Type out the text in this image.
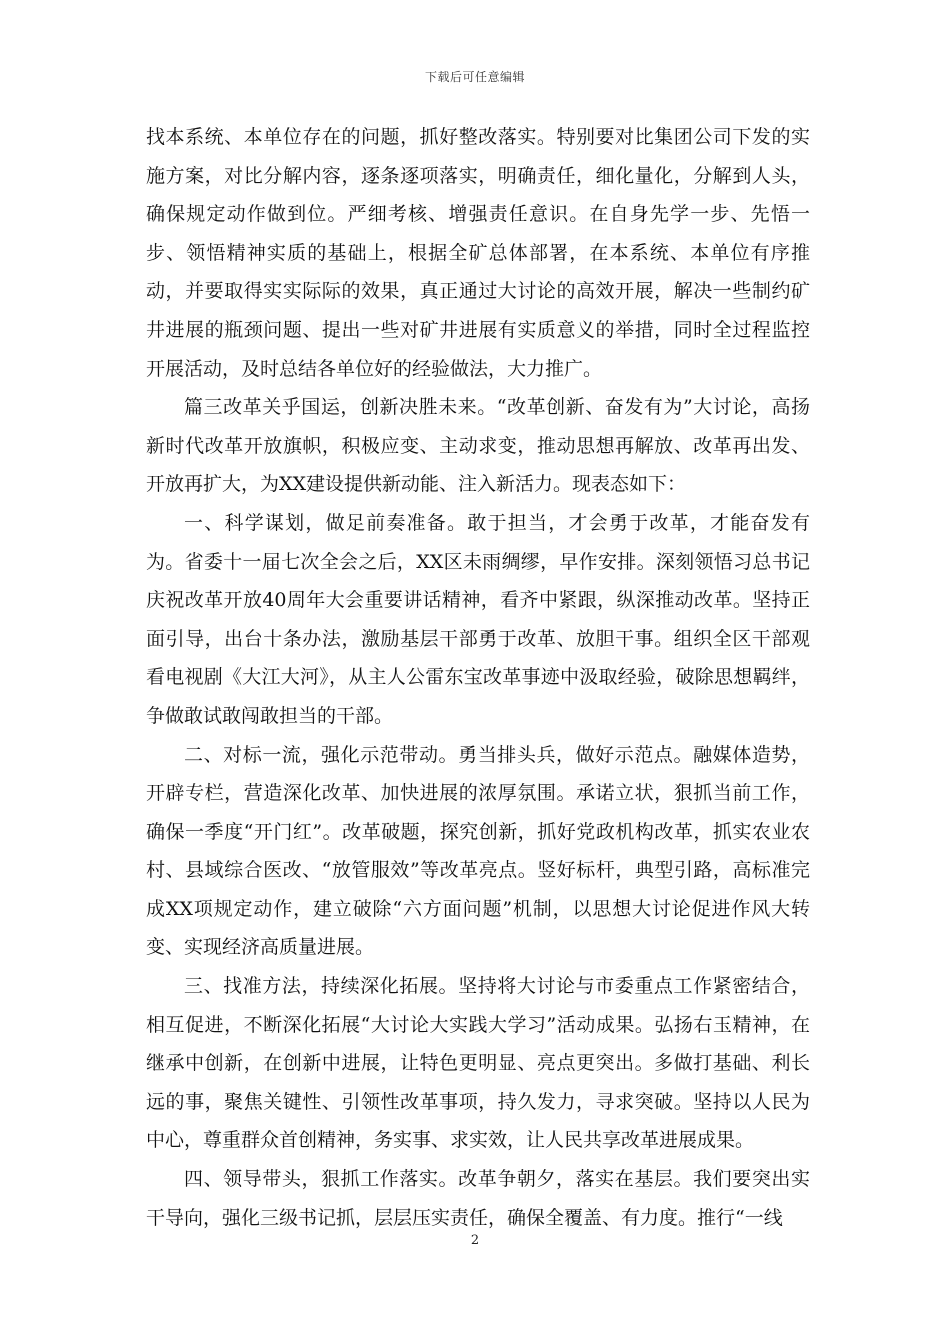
下载后可任意编辑

找本系统、本单位存在的问题，抓好整改落实。特别要对比集团公司下发的实施方案，对比分解内容，逐条逐项落实，明确责任，细化量化，分解到人头，确保规定动作做到位。严细考核、增强责任意识。在自身先学一步、先悟一步、领悟精神实质的基础上，根据全矿总体部署，在本系统、本单位有序推动，并要取得实实际际的效果，真正通过大讨论的高效开展，解决一些制约矿井进展的瓶颈问题、提出一些对矿井进展有实质意义的举措，同时全过程监控开展活动，及时总结各单位好的经验做法，大力推广。

篇三改革关乎国运，创新决胜未来。“改革创新、奋发有为”大讨论，高扬新时代改革开放旗帜，积极应变、主动求变，推动思想再解放、改革再出发、开放再扩大，为XX建设提供新动能、注入新活力。现表态如下：

一、科学谋划，做足前奏准备。敢于担当，才会勇于改革，才能奋发有为。省委十一届七次全会之后，XX区未雨绸缪，早作安排。深刻领悟习总书记庆祝改革开放40周年大会重要讲话精神，看齐中紧跟，纵深推动改革。坚持正面引导，出台十条办法，激励基层干部勇于改革、放胆干事。组织全区干部观看电视剧《大江大河》，从主人公雷东宝改革事迹中汲取经验，破除思想羁绊，争做敢试敢闯敢担当的干部。

二、对标一流，强化示范带动。勇当排头兵，做好示范点。融媒体造势，开辟专栏，营造深化改革、加快进展的浓厚氛围。承诺立状，狠抓当前工作，确保一季度“开门红”。改革破题，探究创新，抓好党政机构改革，抓实农业农村、县域综合医改、“放管服效”等改革亮点。竖好标杆，典型引路，高标准完成XX项规定动作，建立破除“六方面问题”机制，以思想大讨论促进作风大转变、实现经济高质量进展。

三、找准方法，持续深化拓展。坚持将大讨论与市委重点工作紧密结合，相互促进，不断深化拓展“大讨论大实践大学习”活动成果。弘扬右玉精神，在继承中创新，在创新中进展，让特色更明显、亮点更突出。多做打基础、利长远的事，聚焦关键性、引领性改革事项，持久发力，寻求突破。坚持以人民为中心，尊重群众首创精神，务实事、求实效，让人民共享改革进展成果。

四、领导带头，狠抓工作落实。改革争朝夕，落实在基层。我们要突出实干导向，强化三级书记抓，层层压实责任，确保全覆盖、有力度。推行“一线

2
